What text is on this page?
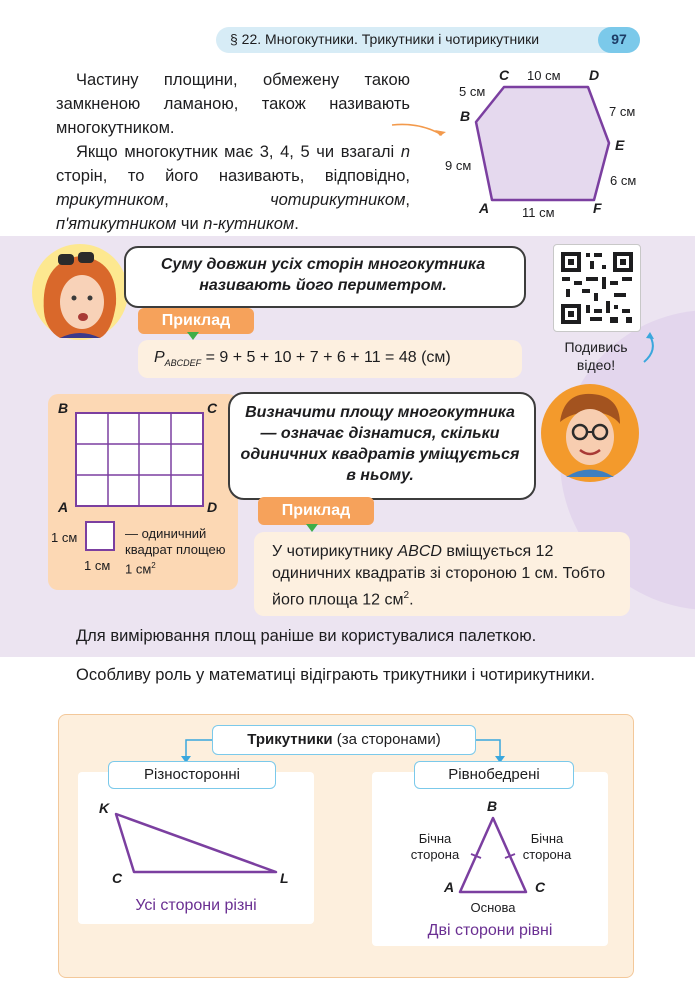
§ 22. Многокутники. Трикутники і чотирикутники	97
Частину площини, обмежену такою замкненою ламаною, також називають многокутником.
Якщо многокутник має 3, 4, 5 чи взагалі n сторін, то його називають, відповідно, трикутником, чотирикутником, п'ятикутником чи n-кутником.
C	D
B
E
A	F
10 см
5 см
7 см
9 см
6 см
11 см
Суму довжин усіх сторін многокутника називають його периметром.
Приклад
$P_{ABCDEF} = 9 + 5 + 10 + 7 + 6 + 11 = 48$ (см)
Подивись відео!
B	C
A	D
1 см
1 см
— одиничний квадрат площею 1 $см^2$
Визначити площу многокутника — означає дізнатися, скільки одиничних квадратів уміщується в ньому.
Приклад
У чотирикутнику ABCD вміщується 12 одиничних квадратів зі стороною 1 см. Тобто його площа 12 $см^2$.
Для вимірювання площ раніше ви користувалися палеткою.
Особливу роль у математиці відіграють трикутники і чотирикутники.
Трикутники (за сторонами)
Різносторонні
K
C	L
Усі сторони різні
Рівнобедрені
B
A	C
Бічна сторона
Бічна сторона
Основа
Дві сторони рівні
